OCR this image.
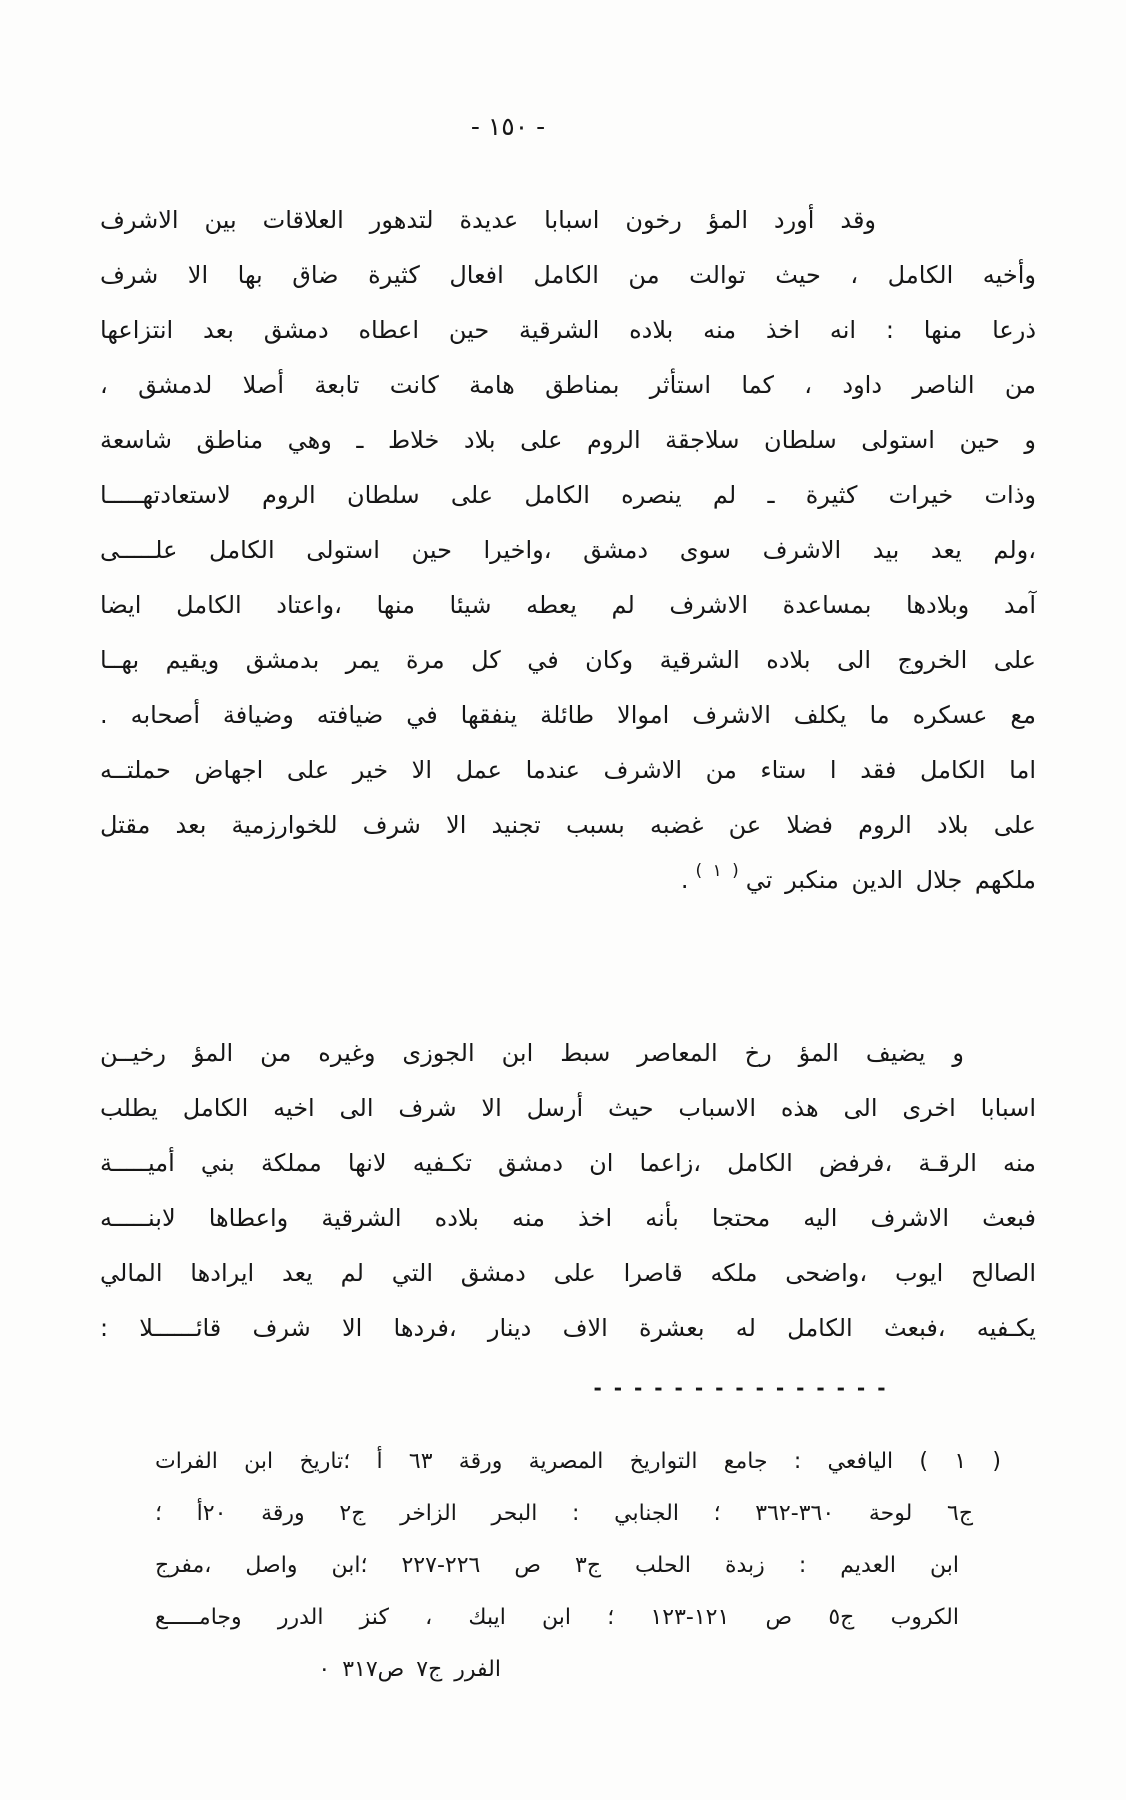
- ١٥٠ -
وقد أورد المؤ رخون اسبابا عديدة لتدهور العلاقات بين الاشرف
وأخيه الكامل ، حيث توالت من الكامل افعال كثيرة ضاق بها الا شرف
ذرعا منها : انه اخذ منه بلاده الشرقية حين اعطاه دمشق بعد انتزاعها
من الناصر داود ، كما استأثر بمناطق هامة كانت تابعة أصلا لدمشق ،
و حين استولى سلطان سلاجقة الروم على بلاد خلاط ـ وهي مناطق شاسعة
وذات خيرات كثيرة ـ لم ينصره الكامل على سلطان الروم لاستعادتهـــــا
،ولم يعد بيد الاشرف سوى دمشق ،واخيرا حين استولى الكامل علـــــى
آمد وبلادها بمساعدة الاشرف لم يعطه شيئا منها ،واعتاد الكامل ايضا
على الخروج الى بلاده الشرقية وكان في كل مرة يمر بدمشق ويقيم بهــا
مع عسكره ما يكلف الاشرف اموالا طائلة ينفقها في ضيافته وضيافة أصحابه .
اما الكامل فقد ا ستاء من الاشرف عندما عمل الا خير على اجهاض حملتــه
على بلاد الروم فضلا عن غضبه بسبب تجنيد الا شرف للخوارزمية بعد مقتل
ملكهم جلال الدين منكبر تي$^{( ١ )}$.
و يضيف المؤ رخ المعاصر سبط ابن الجوزى وغيره من المؤ رخيــن
اسبابا اخرى الى هذه الاسباب حيث أرسل الا شرف الى اخيه الكامل يطلب
منه الرقـة ،فرفض الكامل ،زاعما ان دمشق تكـفيه لانها مملكة بني أميـــــة
فبعث الاشرف اليه محتجا بأنه اخذ منه بلاده الشرقية واعطاها لابنـــــه
الصالح ايوب ،واضحى ملكه قاصرا على دمشق التي لم يعد ايرادها المالي
يكـفيه ،فبعث الكامل له بعشرة الاف دينار ،فردها الا شرف قائــــــلا :
- - - - - - - - - - - - - - -
( ١ ) اليافعي : جامع التواريخ المصرية ورقة ٦٣ أ ؛تاريخ ابن الفرات
ج٦ لوحة ٣٦٠-٣٦٢ ؛ الجنابي : البحر الزاخر ج٢ ورقة ٢٠أ ؛
ابن العديم : زبدة الحلب ج٣ ص ٢٢٦-٢٢٧ ؛ابن واصل ،مفرج
الكروب ج٥ ص ١٢١-١٢٣ ؛ ابن ايبك ، كنز الدرر وجامـــــع
الفرر ج٧ ص٣١٧ ٠
